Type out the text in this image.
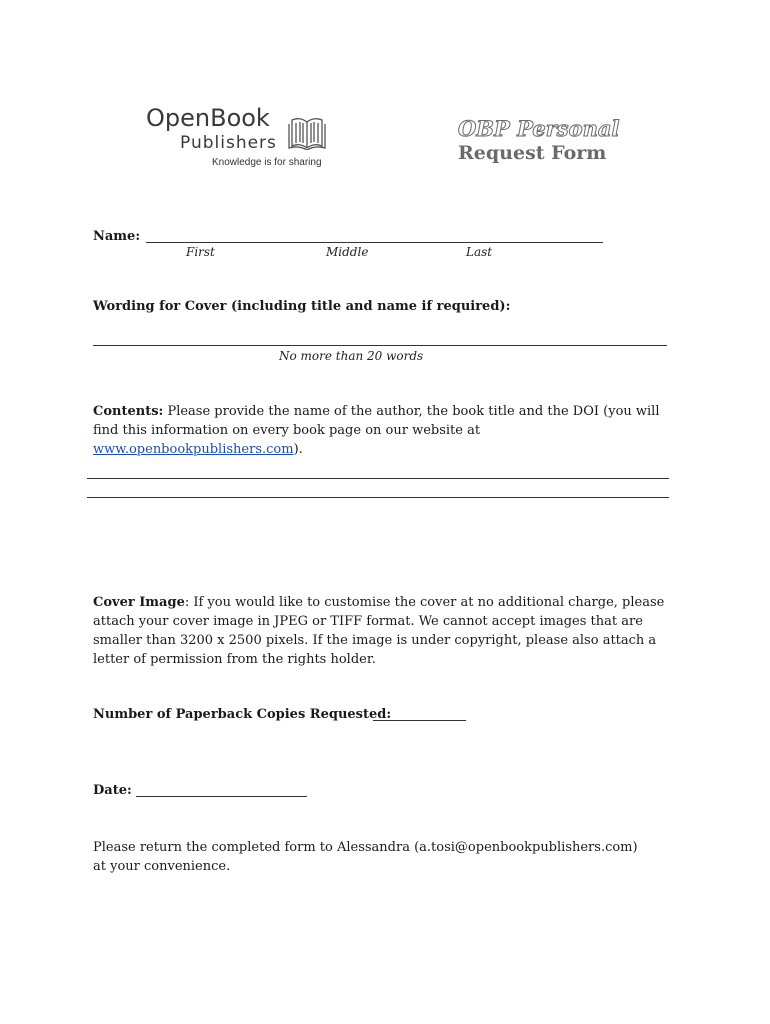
OpenBook
Publishers
Knowledge is for sharing
OBP Personal
Request Form
Name:
First	Middle	Last
Wording for Cover (including title and name if required):
No more than 20 words
Contents: Please provide the name of the author, the book title and the DOI (you will find this information on every book page on our website at www.openbookpublishers.com).
Cover Image: If you would like to customise the cover at no additional charge, please attach your cover image in JPEG or TIFF format. We cannot accept images that are smaller than 3200 x 2500 pixels. If the image is under copyright, please also attach a letter of permission from the rights holder.
Number of Paperback Copies Requested:
Date:
Please return the completed form to Alessandra (a.tosi@openbookpublishers.com) at your convenience.
